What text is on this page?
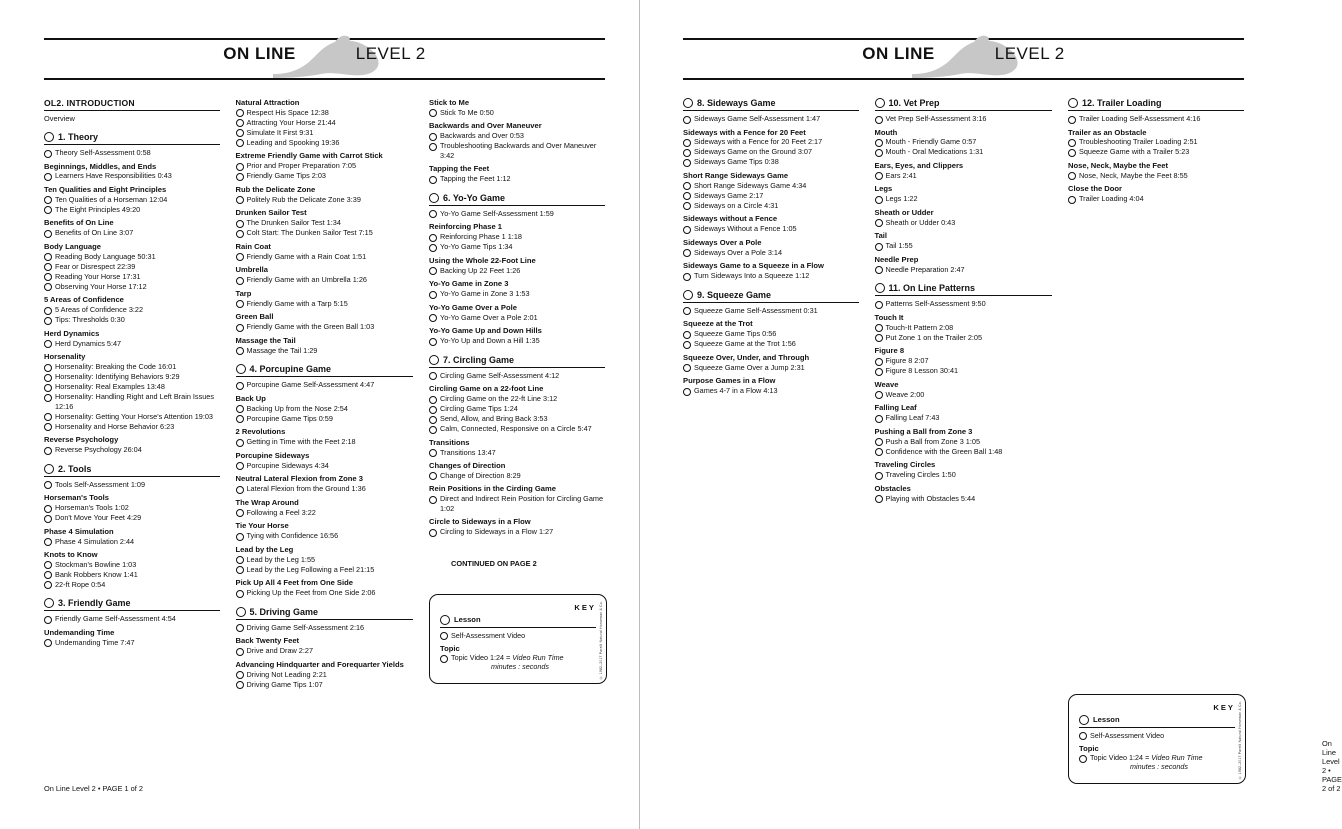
ON LINE	LEVEL 2
OL2. INTRODUCTION
Overview
1. Theory
Theory Self-Assessment 0:58
Beginnings, Middles, and Ends
Learners Have Responsibilities 0:43
Ten Qualities and Eight Principles
Ten Qualities of a Horseman 12:04
The Eight Principles 49:20
Benefits of On Line
Benefits of On Line 3:07
Body Language
Reading Body Language 50:31
Fear or Disrespect 22:39
Reading Your Horse 17:31
Observing Your Horse 17:12
5 Areas of Confidence
5 Areas of Confidence 3:22
Tips: Thresholds 0:30
Herd Dynamics
Herd Dynamics 5:47
Horsenality
Horsenality: Breaking the Code 16:01
Horsenality: Identifying Behaviors 9:29
Horsenality: Real Examples 13:48
Horsenality: Handling Right and Left Brain Issues 12:16
Horsenality: Getting Your Horse's Attention 19:03
Horsenality and Horse Behavior 6:23
Reverse Psychology
Reverse Psychology 26:04
2. Tools
Tools Self-Assessment 1:09
Horseman's Tools
Horseman's Tools 1:02
Don't Move Your Feet 4:29
Phase 4 Simulation
Phase 4 Simulation 2:44
Knots to Know
Stockman's Bowline 1:03
Bank Robbers Know 1:41
22-ft Rope 0:54
3. Friendly Game
Friendly Game Self-Assessment 4:54
Undemanding Time
Undemanding Time 7:47
Natural Attraction
Respect His Space 12:38
Attracting Your Horse 21:44
Simulate It First 9:31
Leading and Spooking 19:36
Extreme Friendly Game with Carrot Stick
Prior and Proper Preparation 7:05
Friendly Game Tips 2:03
Rub the Delicate Zone
Politely Rub the Delicate Zone 3:39
Drunken Sailor Test
The Drunken Sailor Test 1:34
Colt Start: The Dunken Sailor Test 7:15
Rain Coat
Friendly Game with a Rain Coat 1:51
Umbrella
Friendly Game with an Umbrella 1:26
Tarp
Friendly Game with a Tarp 5:15
Green Ball
Friendly Game with the Green Ball 1:03
Massage the Tail
Massage the Tail 1:29
4. Porcupine Game
Porcupine Game Self-Assessment 4:47
Back Up
Backing Up from the Nose 2:54
Porcupine Game Tips 0:59
2 Revolutions
Getting in Time with the Feet 2:18
Porcupine Sideways
Porcupine Sideways 4:34
Neutral Lateral Flexion from Zone 3
Lateral Flexion from the Ground 1:36
The Wrap Around
Following a Feel 3:22
Tie Your Horse
Tying with Confidence 16:56
Lead by the Leg
Lead by the Leg 1:55
Lead by the Leg Following a Feel 21:15
Pick Up All 4 Feet from One Side
Picking Up the Feet from One Side 2:06
5. Driving Game
Driving Game Self-Assessment 2:16
Back Twenty Feet
Drive and Draw 2:27
Advancing Hindquarter and Forequarter Yields
Driving Not Leading 2:21
Driving Game Tips 1:07
Stick to Me
Stick To Me 0:50
Backwards and Over Maneuver
Backwards and Over 0:53
Troubleshooting Backwards and Over Maneuver 3:42
Tapping the Feet
Tapping the Feet 1:12
6. Yo-Yo Game
Yo-Yo Game Self-Assessment 1:59
Reinforcing Phase 1
Reinforcing Phase 1 1:18
Yo-Yo Game Tips 1:34
Using the Whole 22-Foot Line
Backing Up 22 Feet 1:26
Yo-Yo Game in Zone 3
Yo-Yo Game in Zone 3 1:53
Yo-Yo Game Over a Pole
Yo-Yo Game Over a Pole 2:01
Yo-Yo Game Up and Down Hills
Yo-Yo Up and Down a Hill 1:35
7. Circling Game
Circling Game Self-Assessment 4:12
Circling Game on a 22-foot Line
Circling Game on the 22-ft Line 3:12
Circling Game Tips 1:24
Send, Allow, and Bring Back 3:53
Calm, Connected, Responsive on a Circle 5:47
Transitions
Transitions 13:47
Changes of Direction
Change of Direction 8:29
Rein Positions in the Cirding Game
Direct and Indirect Rein Position for Circling Game 1:02
Circle to Sideways in a Flow
Circling to Sideways in a Flow 1:27
CONTINUED ON PAGE 2
KEY
Lesson
Self-Assessment Video
Topic
Topic Video 1:24 = Video Run Time
minutes : seconds	© 1982–2017 Parelli Natural Horseman & Co.
On Line Level 2 • PAGE 1 of 2
ON LINE	LEVEL 2
8. Sideways Game
Sideways Game Self-Assessment 1:47
Sideways with a Fence for 20 Feet
Sideways with a Fence for 20 Feet 2:17
Sideways Game on the Ground 3:07
Sideways Game Tips 0:38
Short Range Sideways Game
Short Range Sideways Game 4:34
Sideways Game 2:17
Sideways on a Circle 4:31
Sideways without a Fence
Sideways Without a Fence 1:05
Sideways Over a Pole
Sideways Over a Pole 3:14
Sideways Game to a Squeeze in a Flow
Turn Sideways Into a Squeeze 1:12
9. Squeeze Game
Squeeze Game Self-Assessment 0:31
Squeeze at the Trot
Squeeze Game Tips 0:56
Squeeze Game at the Trot 1:56
Squeeze Over, Under, and Through
Squeeze Game Over a Jump 2:31
Purpose Games in a Flow
Games 4-7 in a Flow 4:13
10. Vet Prep
Vet Prep Self-Assessment 3:16
Mouth
Mouth - Friendly Game 0:57
Mouth - Oral Medications 1:31
Ears, Eyes, and Clippers
Ears 2:41
Legs
Legs 1:22
Sheath or Udder
Sheath or Udder 0:43
Tail
Tail 1:55
Needle Prep
Needle Preparation 2:47
11. On Line Patterns
Patterns Self-Assessment 9:50
Touch It
Touch-It Pattern 2:08
Put Zone 1 on the Trailer 2:05
Figure 8
Figure 8 2:07
Figure 8 Lesson 30:41
Weave
Weave 2:00
Falling Leaf
Falling Leaf 7:43
Pushing a Ball from Zone 3
Push a Ball from Zone 3 1:05
Confidence with the Green Ball 1:48
Traveling Circles
Traveling Circles 1:50
Obstacles
Playing with Obstacles 5:44
12. Trailer Loading
Trailer Loading Self-Assessment 4:16
Trailer as an Obstacle
Troubleshooting Trailer Loading 2:51
Squeeze Game with a Trailer 5:23
Nose, Neck, Maybe the Feet
Nose, Neck, Maybe the Feet 8:55
Close the Door
Trailer Loading 4:04
KEY
Lesson
Self-Assessment Video
Topic
Topic Video 1:24 = Video Run Time
minutes : seconds	© 1982–2017 Parelli Natural Horseman & Co.	On Line Level 2 • PAGE 2 of 2
